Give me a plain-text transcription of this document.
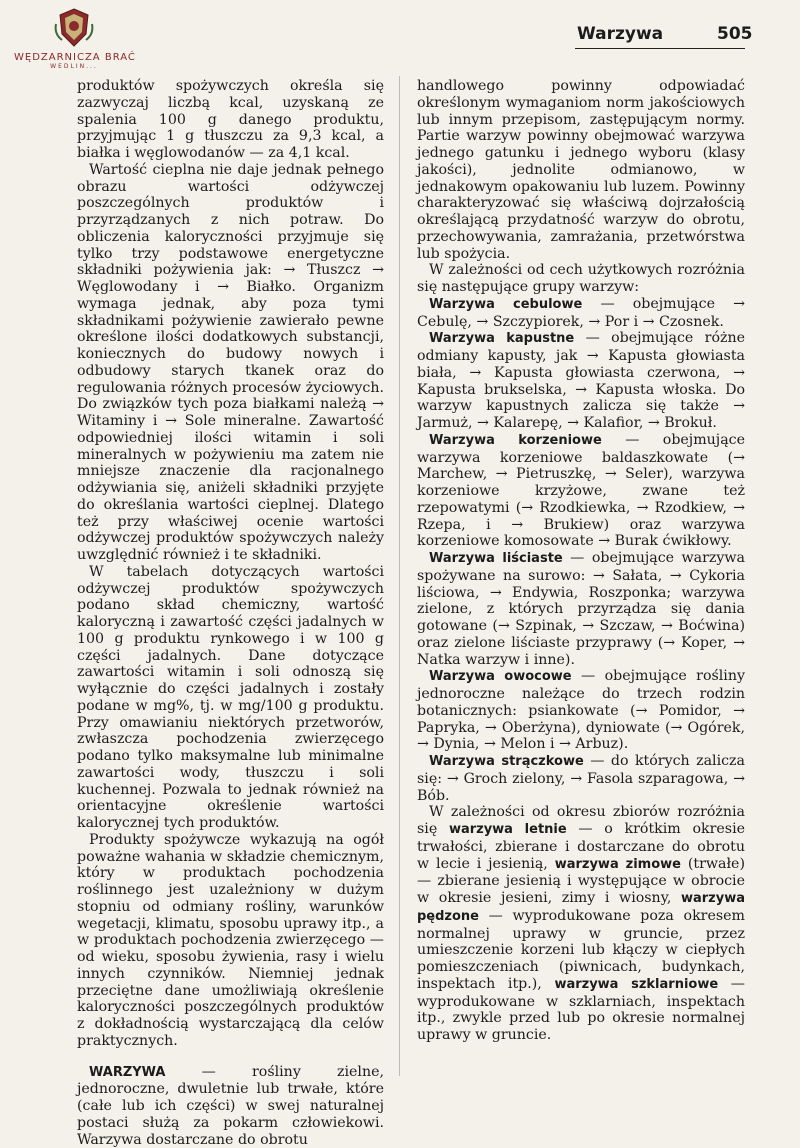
WĘDZARNICZA BRAĆ
WEDLIN...
Warzywa	505

produktów spożywczych określa się zazwyczaj liczbą kcal, uzyskaną ze spalenia 100 g danego produktu, przyjmując 1 g tłuszczu za 9,3 kcal, a białka i węglowodanów — za 4,1 kcal.

Wartość cieplna nie daje jednak pełnego obrazu wartości odżywczej poszczególnych produktów i przyrządzanych z nich potraw. Do obliczenia kaloryczności przyjmuje się tylko trzy podstawowe energetyczne składniki pożywienia jak: → Tłuszcz → Węglowodany i → Białko. Organizm wymaga jednak, aby poza tymi składnikami pożywienie zawierało pewne określone ilości dodatkowych substancji, koniecznych do budowy nowych i odbudowy starych tkanek oraz do regulowania różnych procesów życiowych. Do związków tych poza białkami należą → Witaminy i → Sole mineralne. Zawartość odpowiedniej ilości witamin i soli mineralnych w pożywieniu ma zatem nie mniejsze znaczenie dla racjonalnego odżywiania się, aniżeli składniki przyjęte do określania wartości cieplnej. Dlatego też przy właściwej ocenie wartości odżywczej produktów spożywczych należy uwzględnić również i te składniki.

W tabelach dotyczących wartości odżywczej produktów spożywczych podano skład chemiczny, wartość kaloryczną i zawartość części jadalnych w 100 g produktu rynkowego i w 100 g części jadalnych. Dane dotyczące zawartości witamin i soli odnoszą się wyłącznie do części jadalnych i zostały podane w mg%, tj. w mg/100 g produktu. Przy omawianiu niektórych przetworów, zwłaszcza pochodzenia zwierzęcego podano tylko maksymalne lub minimalne zawartości wody, tłuszczu i soli kuchennej. Pozwala to jednak również na orientacyjne określenie wartości kalorycznej tych produktów.

Produkty spożywcze wykazują na ogół poważne wahania w składzie chemicznym, który w produktach pochodzenia roślinnego jest uzależniony w dużym stopniu od odmiany rośliny, warunków wegetacji, klimatu, sposobu uprawy itp., a w produktach pochodzenia zwierzęcego — od wieku, sposobu żywienia, rasy i wielu innych czynników. Niemniej jednak przeciętne dane umożliwiają określenie kaloryczności poszczególnych produktów z dokładnością wystarczającą dla celów praktycznych.

WARZYWA — rośliny zielne, jednoroczne, dwuletnie lub trwałe, które (całe lub ich części) w swej naturalnej postaci służą za pokarm człowiekowi. Warzywa dostarczane do obrotu

handlowego powinny odpowiadać określonym wymaganiom norm jakościowych lub innym przepisom, zastępującym normy. Partie warzyw powinny obejmować warzywa jednego gatunku i jednego wyboru (klasy jakości), jednolite odmianowo, w jednakowym opakowaniu lub luzem. Powinny charakteryzować się właściwą dojrzałością określającą przydatność warzyw do obrotu, przechowywania, zamrażania, przetwórstwa lub spożycia.

W zależności od cech użytkowych rozróżnia się następujące grupy warzyw:

Warzywa cebulowe — obejmujące → Cebulę, → Szczypiorek, → Por i → Czosnek.

Warzywa kapustne — obejmujące różne odmiany kapusty, jak → Kapusta głowiasta biała, → Kapusta głowiasta czerwona, → Kapusta brukselska, → Kapusta włoska. Do warzyw kapustnych zalicza się także → Jarmuż, → Kalarepę, → Kalafior, → Brokuł.

Warzywa korzeniowe — obejmujące warzywa korzeniowe baldaszkowate (→ Marchew, → Pietruszkę, → Seler), warzywa korzeniowe krzyżowe, zwane też rzepowatymi (→ Rzodkiewka, → Rzodkiew, → Rzepa, i → Brukiew) oraz warzywa korzeniowe komosowate → Burak ćwikłowy.

Warzywa liściaste — obejmujące warzywa spożywane na surowo: → Sałata, → Cykoria liściowa, → Endywia, Roszponka; warzywa zielone, z których przyrządza się dania gotowane (→ Szpinak, → Szczaw, → Boćwina) oraz zielone liściaste przyprawy (→ Koper, → Natka warzyw i inne).

Warzywa owocowe — obejmujące rośliny jednoroczne należące do trzech rodzin botanicznych: psiankowate (→ Pomidor, → Papryka, → Oberżyna), dyniowate (→ Ogórek, → Dynia, → Melon i → Arbuz).

Warzywa strączkowe — do których zalicza się: → Groch zielony, → Fasola szparagowa, → Bób.

W zależności od okresu zbiorów rozróżnia się warzywa letnie — o krótkim okresie trwałości, zbierane i dostarczane do obrotu w lecie i jesienią, warzywa zimowe (trwałe) — zbierane jesienią i występujące w obrocie w okresie jesieni, zimy i wiosny, warzywa pędzone — wyprodukowane poza okresem normalnej uprawy w gruncie, przez umieszczenie korzeni lub kłączy w ciepłych pomieszczeniach (piwnicach, budynkach, inspektach itp.), warzywa szklarniowe — wyprodukowane w szklarniach, inspektach itp., zwykle przed lub po okresie normalnej uprawy w gruncie.
